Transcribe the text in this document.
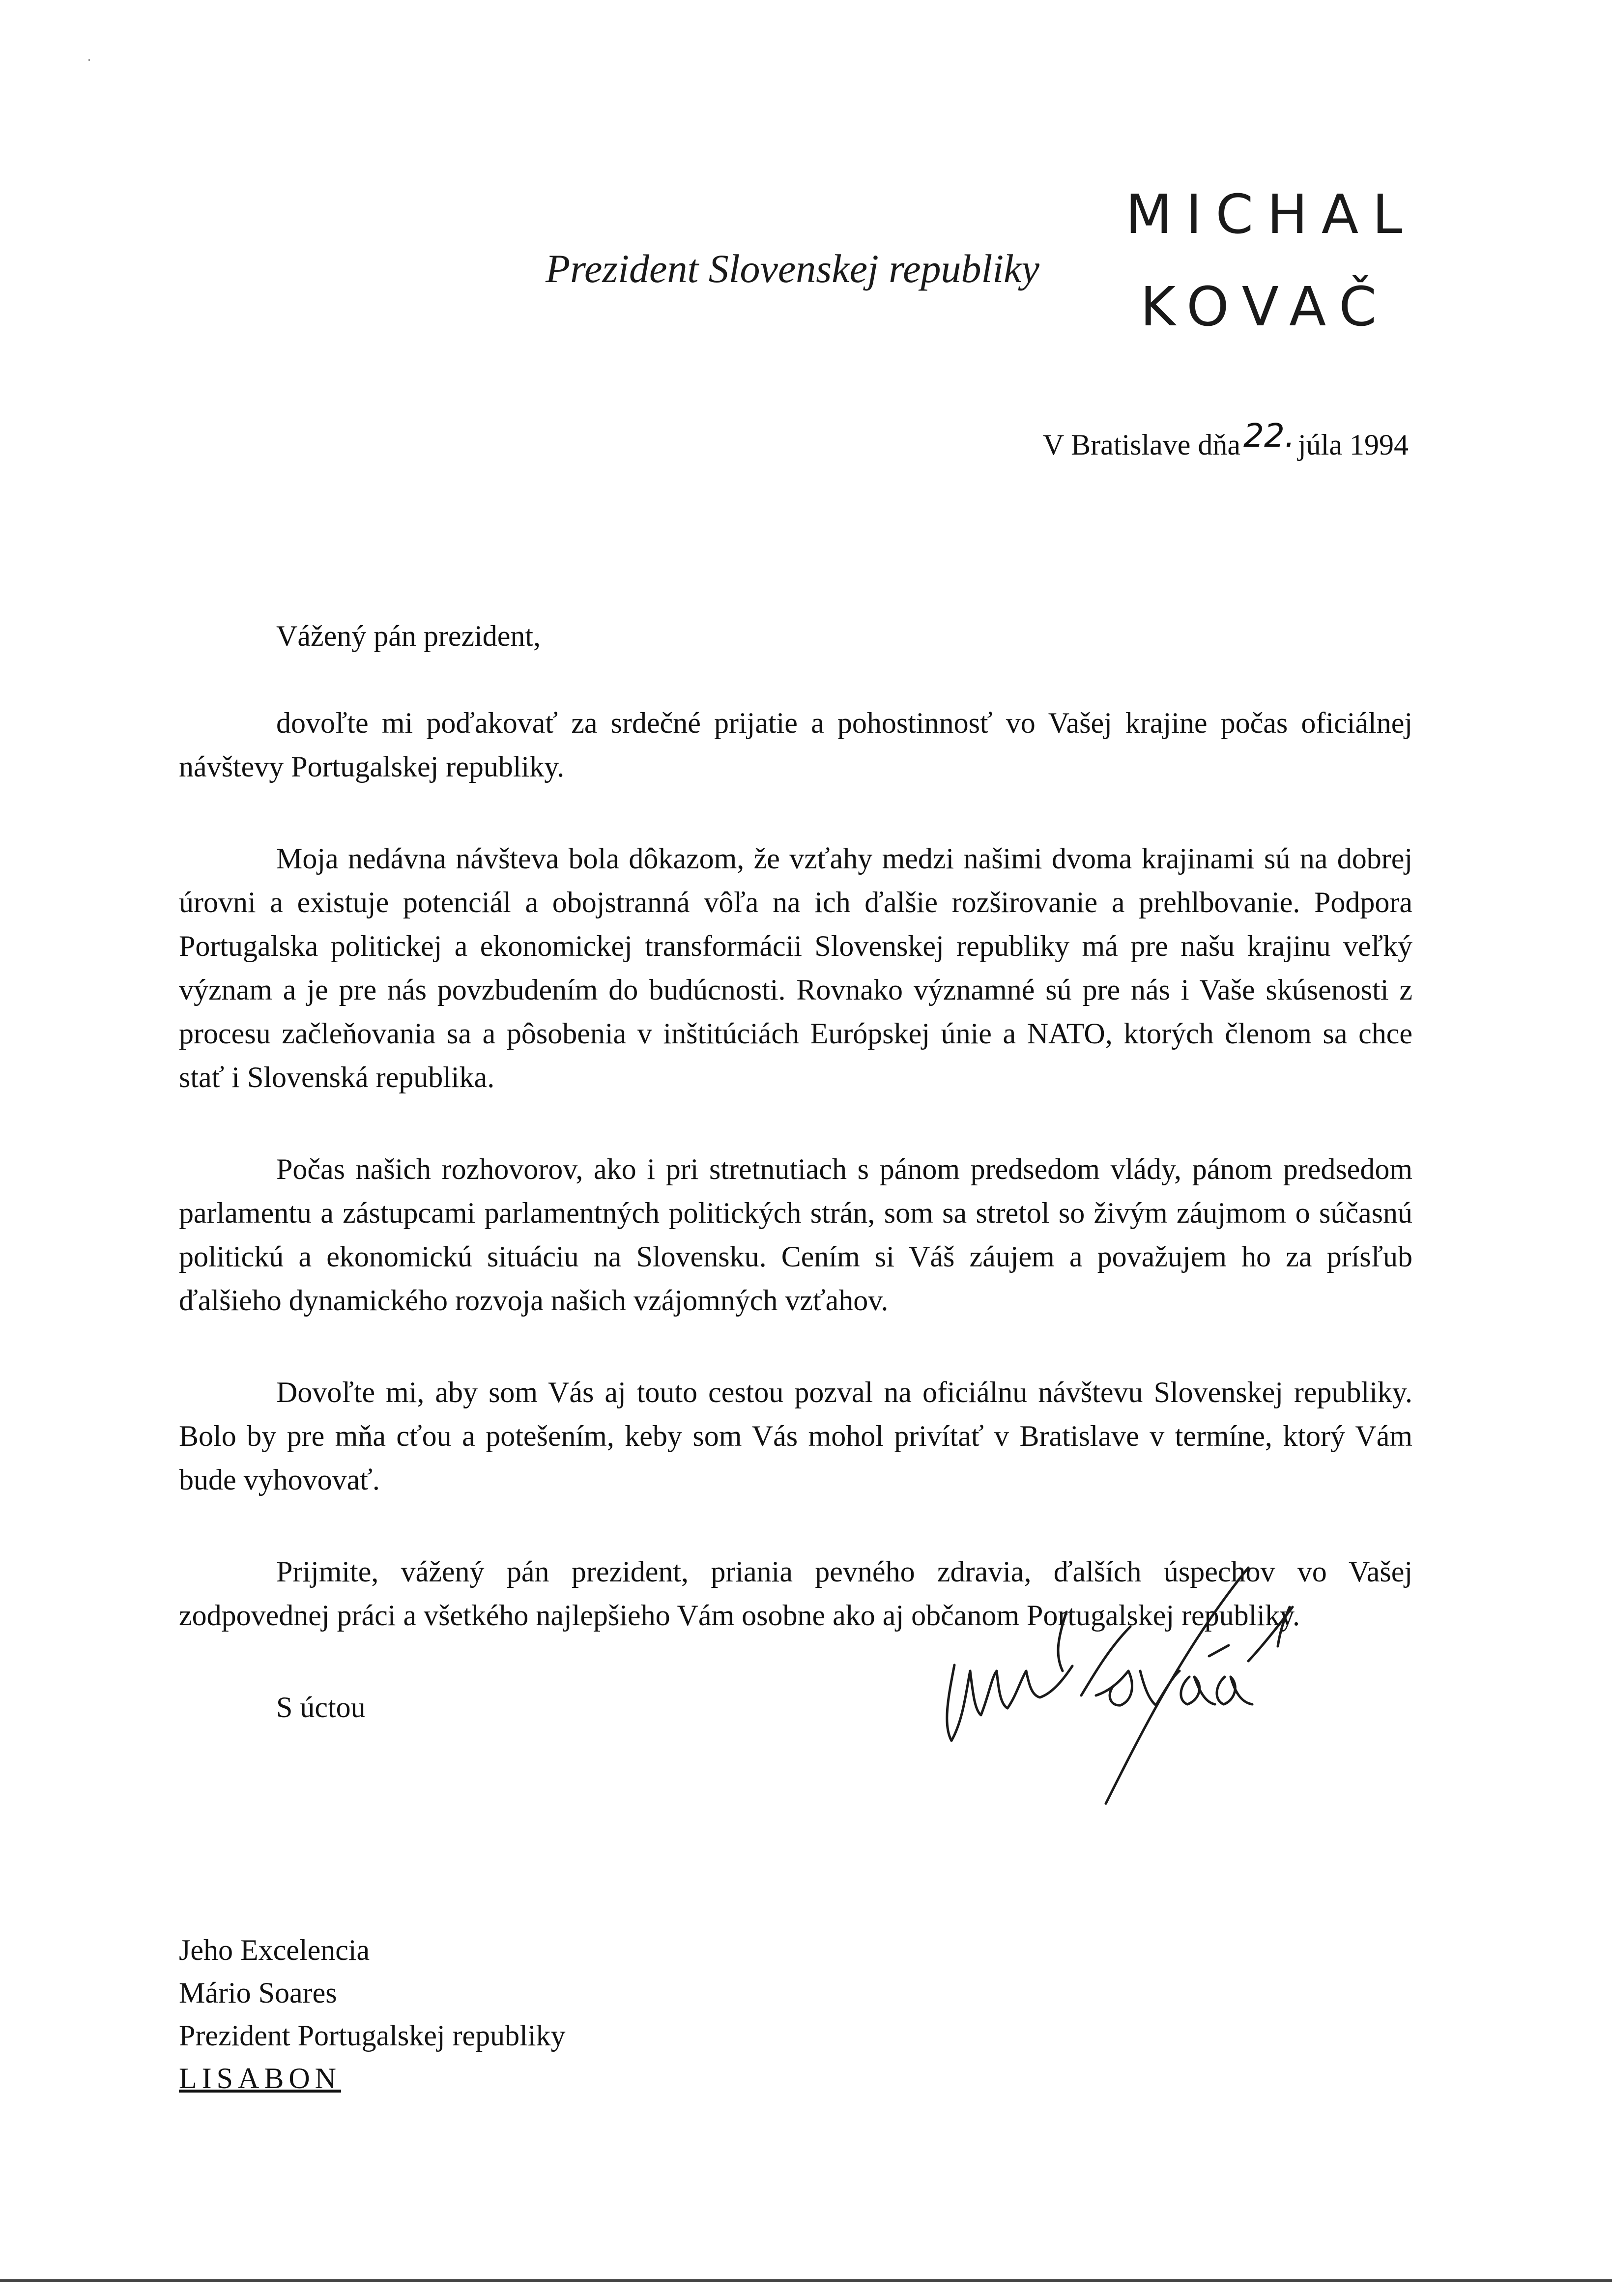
Prezident Slovenskej republiky
MICHAL
KOVAČ
V Bratislave dňa22. júla 1994

Vážený pán prezident,

dovoľte mi poďakovať za srdečné prijatie a pohostinnosť vo Vašej krajine počas oficiálnej návštevy Portugalskej republiky.

Moja nedávna návšteva bola dôkazom, že vzťahy medzi našimi dvoma krajinami sú na dobrej úrovni a existuje potenciál a obojstranná vôľa na ich ďalšie rozširovanie a prehlbovanie. Podpora Portugalska politickej a ekonomickej transformácii Slovenskej republiky má pre našu krajinu veľký význam a je pre nás povzbudením do budúcnosti. Rovnako významné sú pre nás i Vaše skúsenosti z procesu začleňovania sa a pôsobenia v inštitúciách Európskej únie a NATO, ktorých členom sa chce stať i Slovenská republika.

Počas našich rozhovorov, ako i pri stretnutiach s pánom predsedom vlády, pánom predsedom parlamentu a zástupcami parlamentných politických strán, som sa stretol so živým záujmom o súčasnú politickú a ekonomickú situáciu na Slovensku. Cením si Váš záujem a považujem ho za prísľub ďalšieho dynamického rozvoja našich vzájomných vzťahov.

Dovoľte mi, aby som Vás aj touto cestou pozval na oficiálnu návštevu Slovenskej republiky. Bolo by pre mňa cťou a potešením, keby som Vás mohol privítať v Bratislave v termíne, ktorý Vám bude vyhovovať.

Prijmite, vážený pán prezident, priania pevného zdravia, ďalších úspechov vo Vašej zodpovednej práci a všetkého najlepšieho Vám osobne ako aj občanom Portugalskej republiky.

S úctou

Jeho Excelencia
Mário Soares
Prezident Portugalskej republiky
LISABON
